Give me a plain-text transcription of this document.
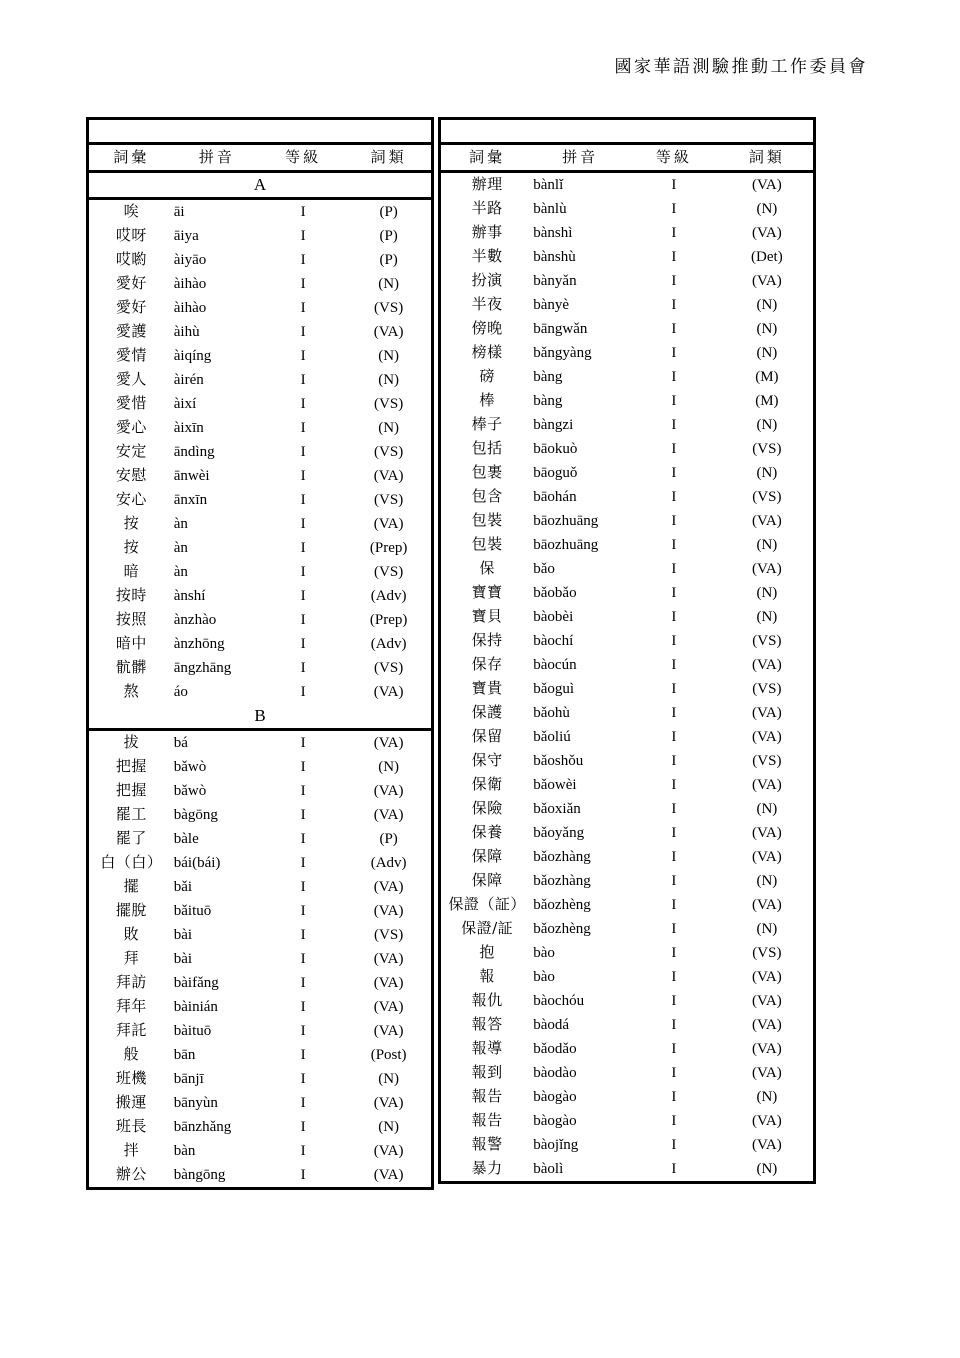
國家華語測驗推動工作委員會

詞彙	拼音	等級	詞類
A			
唉	āi	I	(P)
哎呀	āiya	I	(P)
哎喲	àiyāo	I	(P)
愛好	àihào	I	(N)
愛好	àihào	I	(VS)
愛護	àihù	I	(VA)
愛情	àiqíng	I	(N)
愛人	àirén	I	(N)
愛惜	àixí	I	(VS)
愛心	àixīn	I	(N)
安定	āndìng	I	(VS)
安慰	ānwèi	I	(VA)
安心	ānxīn	I	(VS)
按	àn	I	(VA)
按	àn	I	(Prep)
暗	àn	I	(VS)
按時	ànshí	I	(Adv)
按照	ànzhào	I	(Prep)
暗中	ànzhōng	I	(Adv)
骯髒	āngzhāng	I	(VS)
熬	áo	I	(VA)
B			
拔	bá	I	(VA)
把握	bǎwò	I	(N)
把握	bǎwò	I	(VA)
罷工	bàgōng	I	(VA)
罷了	bàle	I	(P)
白（白）	bái(bái)	I	(Adv)
擺	bǎi	I	(VA)
擺脫	bǎituō	I	(VA)
敗	bài	I	(VS)
拜	bài	I	(VA)
拜訪	bàifǎng	I	(VA)
拜年	bàinián	I	(VA)
拜託	bàituō	I	(VA)
般	bān	I	(Post)
班機	bānjī	I	(N)
搬運	bānyùn	I	(VA)
班長	bānzhǎng	I	(N)
拌	bàn	I	(VA)
辦公	bàngōng	I	(VA)

詞彙	拼音	等級	詞類
辦理	bànlǐ	I	(VA)
半路	bànlù	I	(N)
辦事	bànshì	I	(VA)
半數	bànshù	I	(Det)
扮演	bànyǎn	I	(VA)
半夜	bànyè	I	(N)
傍晚	bāngwǎn	I	(N)
榜樣	bǎngyàng	I	(N)
磅	bàng	I	(M)
棒	bàng	I	(M)
棒子	bàngzi	I	(N)
包括	bāokuò	I	(VS)
包裹	bāoguǒ	I	(N)
包含	bāohán	I	(VS)
包裝	bāozhuāng	I	(VA)
包裝	bāozhuāng	I	(N)
保	bǎo	I	(VA)
寶寶	bǎobǎo	I	(N)
寶貝	bàobèi	I	(N)
保持	bàochí	I	(VS)
保存	bàocún	I	(VA)
寶貴	bǎoguì	I	(VS)
保護	bǎohù	I	(VA)
保留	bǎoliú	I	(VA)
保守	bǎoshǒu	I	(VS)
保衛	bǎowèi	I	(VA)
保險	bǎoxiǎn	I	(N)
保養	bǎoyǎng	I	(VA)
保障	bǎozhàng	I	(VA)
保障	bǎozhàng	I	(N)
保證（証）	bǎozhèng	I	(VA)
保證/証	bǎozhèng	I	(N)
抱	bào	I	(VS)
報	bào	I	(VA)
報仇	bàochóu	I	(VA)
報答	bàodá	I	(VA)
報導	bǎodǎo	I	(VA)
報到	bàodào	I	(VA)
報告	bàogào	I	(N)
報告	bàogào	I	(VA)
報警	bàojǐng	I	(VA)
暴力	bàolì	I	(N)
